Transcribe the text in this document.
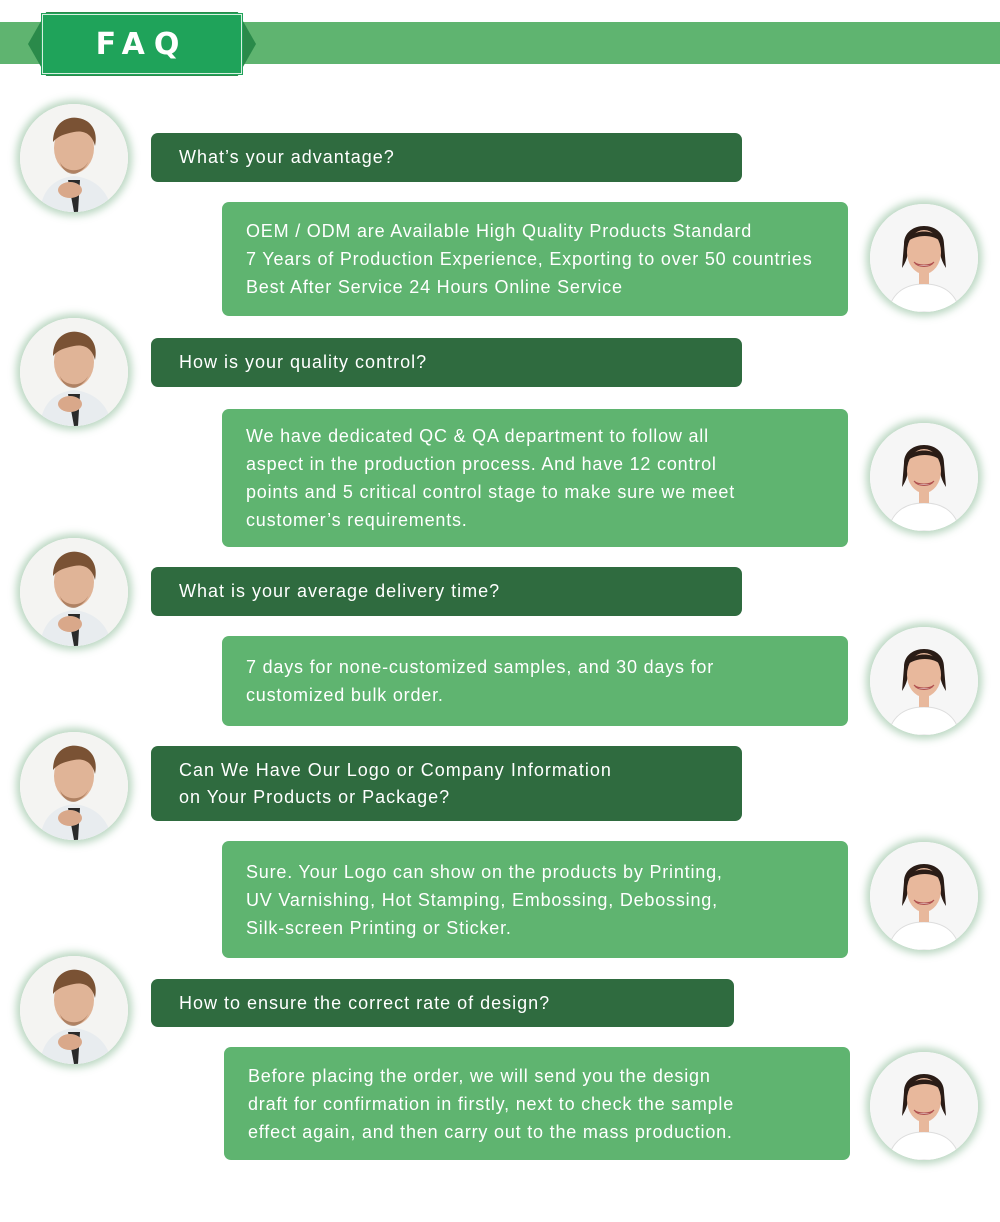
FAQ
What’s your advantage?
OEM / ODM are Available High Quality Products Standard
7 Years of Production Experience, Exporting to over 50 countries
Best After Service 24 Hours Online Service
How is your quality control?
We have dedicated QC & QA department to follow all
aspect in the production process. And have 12 control
points and 5 critical control stage to make sure we meet
customer’s requirements.
What is your average delivery time?
7 days for none-customized samples, and 30 days for
customized bulk order.
Can We Have Our Logo or Company Information
on Your Products or Package?
Sure. Your Logo can show on the products by Printing,
UV Varnishing, Hot Stamping, Embossing, Debossing,
Silk-screen Printing or Sticker.
How to ensure the correct rate of design?
Before placing the order, we will send you the design
draft for confirmation in firstly, next to check the sample
effect again, and then carry out to the mass production.
